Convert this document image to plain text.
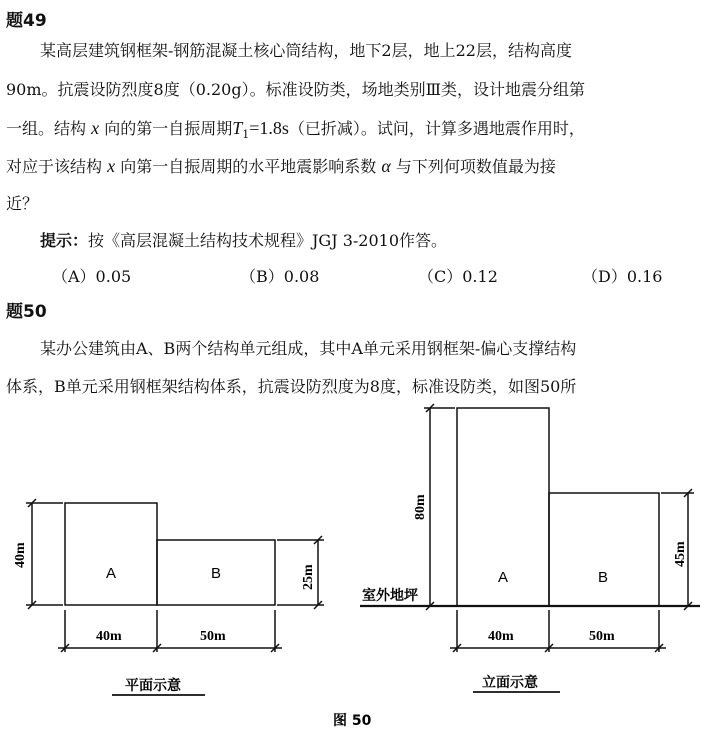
题49
某高层建筑钢框架-钢筋混凝土核心筒结构，地下2层，地上22层，结构高度
90m。抗震设防烈度8度（0.20g）。标准设防类，场地类别Ⅲ类，设计地震分组第
一组。结构 x 向的第一自振周期$T_1=1.8s$（已折减）。试问，计算多遇地震作用时，
对应于该结构 x 向第一自振周期的水平地震影响系数 α 与下列何项数值最为接
近？
提示：按《高层混凝土结构技术规程》JGJ 3-2010作答。
（A）0.05	（B）0.08	（C）0.12	（D）0.16
题50
某办公建筑由A、B两个结构单元组成，其中A单元采用钢框架-偏心支撑结构
体系，B单元采用钢框架结构体系，抗震设防烈度为8度，标准设防类，如图50所
A	B
40m
25m
40m	50m
平面示意
A	B
80m
45m
40m	50m
室外地坪
立面示意
图 50
